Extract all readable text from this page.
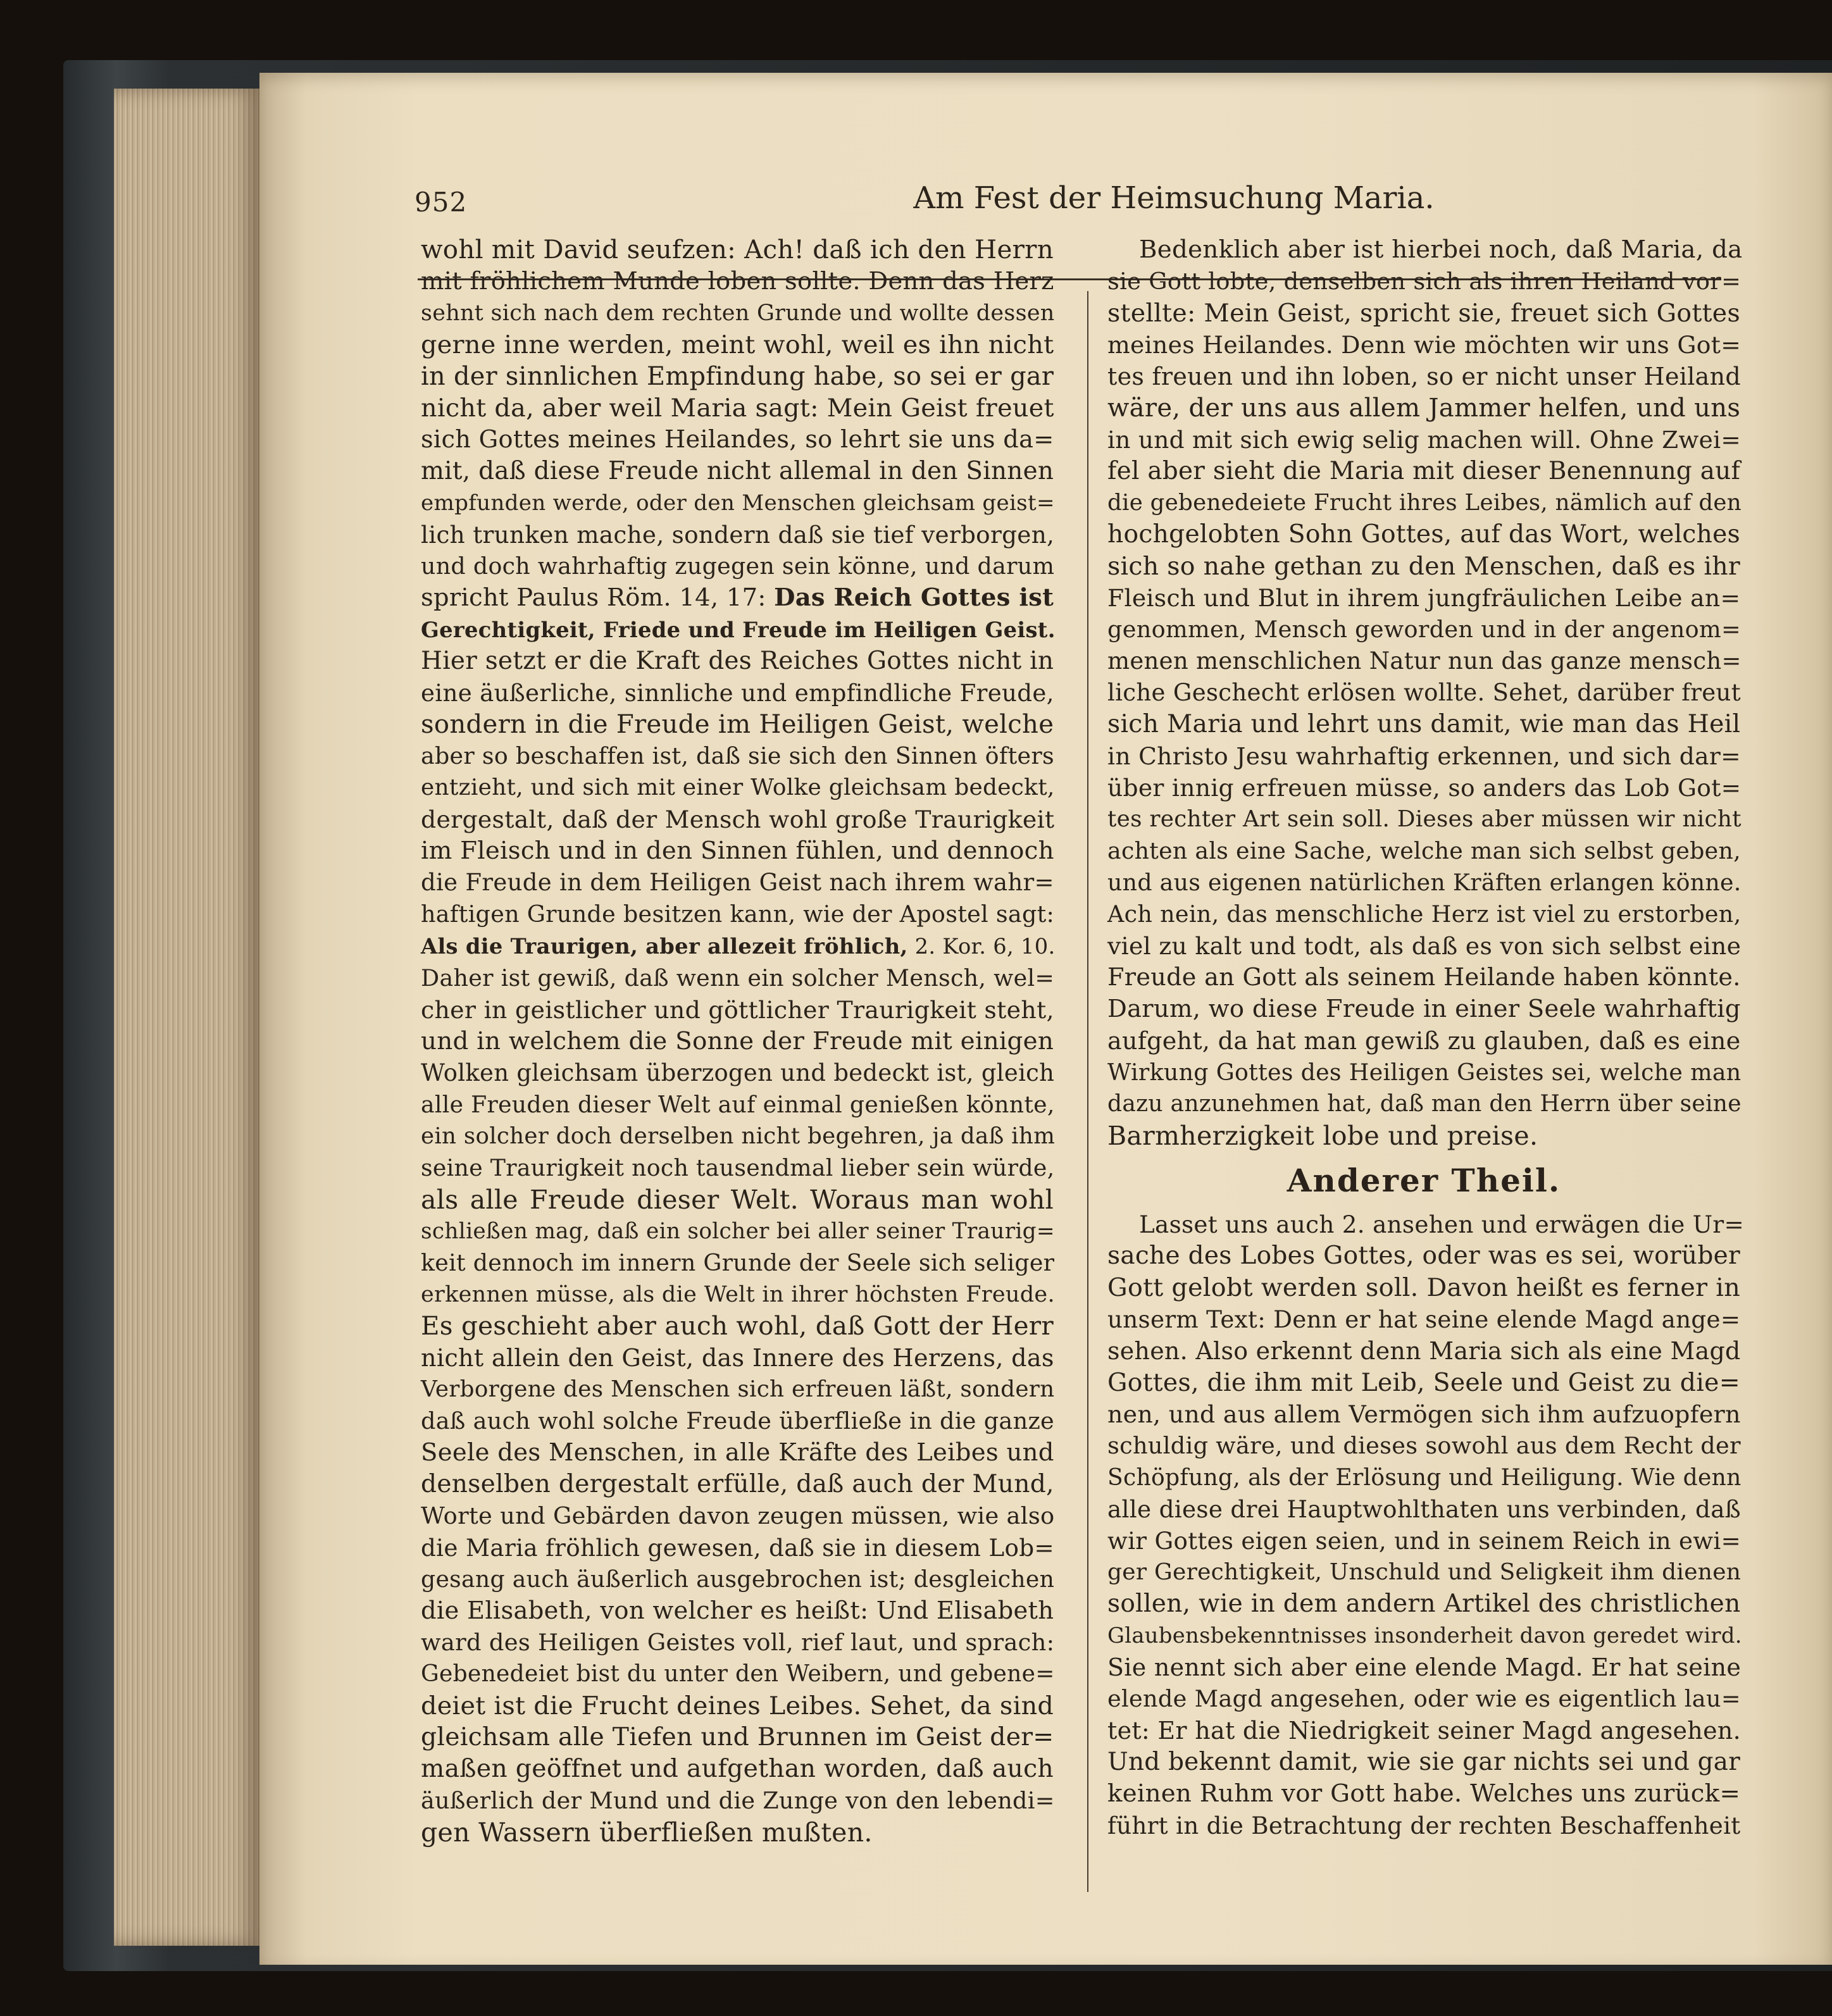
952	Am Fest der Heimsuchung Maria.
wohl mit David seufzen: Ach! daß ich den Herrn
mit fröhlichem Munde loben sollte. Denn das Herz
sehnt sich nach dem rechten Grunde und wollte dessen
gerne inne werden, meint wohl, weil es ihn nicht
in der sinnlichen Empfindung habe, so sei er gar
nicht da, aber weil Maria sagt: Mein Geist freuet
sich Gottes meines Heilandes, so lehrt sie uns da=
mit, daß diese Freude nicht allemal in den Sinnen
empfunden werde, oder den Menschen gleichsam geist=
lich trunken mache, sondern daß sie tief verborgen,
und doch wahrhaftig zugegen sein könne, und darum
spricht Paulus Röm. 14, 17: Das Reich Gottes ist
Gerechtigkeit, Friede und Freude im Heiligen Geist.
Hier setzt er die Kraft des Reiches Gottes nicht in
eine äußerliche, sinnliche und empfindliche Freude,
sondern in die Freude im Heiligen Geist, welche
aber so beschaffen ist, daß sie sich den Sinnen öfters
entzieht, und sich mit einer Wolke gleichsam bedeckt,
dergestalt, daß der Mensch wohl große Traurigkeit
im Fleisch und in den Sinnen fühlen, und dennoch
die Freude in dem Heiligen Geist nach ihrem wahr=
haftigen Grunde besitzen kann, wie der Apostel sagt:
Als die Traurigen, aber allezeit fröhlich, 2. Kor. 6, 10.
Daher ist gewiß, daß wenn ein solcher Mensch, wel=
cher in geistlicher und göttlicher Traurigkeit steht,
und in welchem die Sonne der Freude mit einigen
Wolken gleichsam überzogen und bedeckt ist, gleich
alle Freuden dieser Welt auf einmal genießen könnte,
ein solcher doch derselben nicht begehren, ja daß ihm
seine Traurigkeit noch tausendmal lieber sein würde,
als alle Freude dieser Welt. Woraus man wohl
schließen mag, daß ein solcher bei aller seiner Traurig=
keit dennoch im innern Grunde der Seele sich seliger
erkennen müsse, als die Welt in ihrer höchsten Freude.
Es geschieht aber auch wohl, daß Gott der Herr
nicht allein den Geist, das Innere des Herzens, das
Verborgene des Menschen sich erfreuen läßt, sondern
daß auch wohl solche Freude überfließe in die ganze
Seele des Menschen, in alle Kräfte des Leibes und
denselben dergestalt erfülle, daß auch der Mund,
Worte und Gebärden davon zeugen müssen, wie also
die Maria fröhlich gewesen, daß sie in diesem Lob=
gesang auch äußerlich ausgebrochen ist; desgleichen
die Elisabeth, von welcher es heißt: Und Elisabeth
ward des Heiligen Geistes voll, rief laut, und sprach:
Gebenedeiet bist du unter den Weibern, und gebene=
deiet ist die Frucht deines Leibes. Sehet, da sind
gleichsam alle Tiefen und Brunnen im Geist der=
maßen geöffnet und aufgethan worden, daß auch
äußerlich der Mund und die Zunge von den lebendi=
gen Wassern überfließen mußten.
Bedenklich aber ist hierbei noch, daß Maria, da
sie Gott lobte, denselben sich als ihren Heiland vor=
stellte: Mein Geist, spricht sie, freuet sich Gottes
meines Heilandes. Denn wie möchten wir uns Got=
tes freuen und ihn loben, so er nicht unser Heiland
wäre, der uns aus allem Jammer helfen, und uns
in und mit sich ewig selig machen will. Ohne Zwei=
fel aber sieht die Maria mit dieser Benennung auf
die gebenedeiete Frucht ihres Leibes, nämlich auf den
hochgelobten Sohn Gottes, auf das Wort, welches
sich so nahe gethan zu den Menschen, daß es ihr
Fleisch und Blut in ihrem jungfräulichen Leibe an=
genommen, Mensch geworden und in der angenom=
menen menschlichen Natur nun das ganze mensch=
liche Geschecht erlösen wollte. Sehet, darüber freut
sich Maria und lehrt uns damit, wie man das Heil
in Christo Jesu wahrhaftig erkennen, und sich dar=
über innig erfreuen müsse, so anders das Lob Got=
tes rechter Art sein soll. Dieses aber müssen wir nicht
achten als eine Sache, welche man sich selbst geben,
und aus eigenen natürlichen Kräften erlangen könne.
Ach nein, das menschliche Herz ist viel zu erstorben,
viel zu kalt und todt, als daß es von sich selbst eine
Freude an Gott als seinem Heilande haben könnte.
Darum, wo diese Freude in einer Seele wahrhaftig
aufgeht, da hat man gewiß zu glauben, daß es eine
Wirkung Gottes des Heiligen Geistes sei, welche man
dazu anzunehmen hat, daß man den Herrn über seine
Barmherzigkeit lobe und preise.
Anderer Theil.
Lasset uns auch 2. ansehen und erwägen die Ur=
sache des Lobes Gottes, oder was es sei, worüber
Gott gelobt werden soll. Davon heißt es ferner in
unserm Text: Denn er hat seine elende Magd ange=
sehen. Also erkennt denn Maria sich als eine Magd
Gottes, die ihm mit Leib, Seele und Geist zu die=
nen, und aus allem Vermögen sich ihm aufzuopfern
schuldig wäre, und dieses sowohl aus dem Recht der
Schöpfung, als der Erlösung und Heiligung. Wie denn
alle diese drei Hauptwohlthaten uns verbinden, daß
wir Gottes eigen seien, und in seinem Reich in ewi=
ger Gerechtigkeit, Unschuld und Seligkeit ihm dienen
sollen, wie in dem andern Artikel des christlichen
Glaubensbekenntnisses insonderheit davon geredet wird.
Sie nennt sich aber eine elende Magd. Er hat seine
elende Magd angesehen, oder wie es eigentlich lau=
tet: Er hat die Niedrigkeit seiner Magd angesehen.
Und bekennt damit, wie sie gar nichts sei und gar
keinen Ruhm vor Gott habe. Welches uns zurück=
führt in die Betrachtung der rechten Beschaffenheit
